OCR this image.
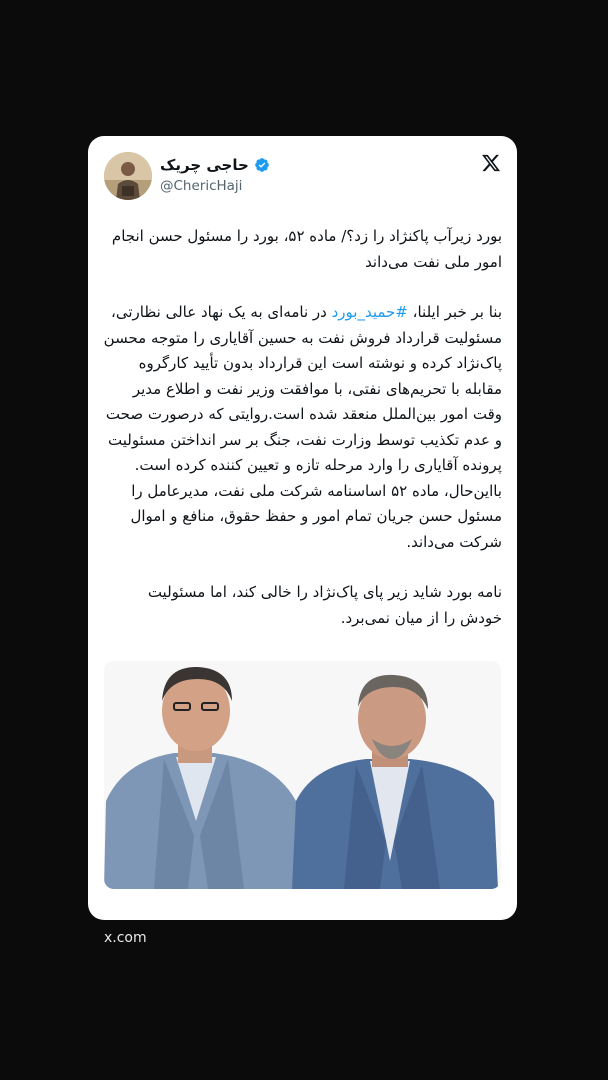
حاجی چریک
@ChericHaji

بورد زیرآب پاکنژاد را زد؟/ ماده ۵۲، بورد را مسئول حسن انجام امور ملی نفت می‌داند

بنا بر خبر ایلنا، #حمید_بورد در نامه‌ای به یک نهاد عالی نظارتی، مسئولیت قرارداد فروش نفت به حسین آقایاری را متوجه محسن پاک‌نژاد کرده و نوشته است این قرارداد بدون تأیید کارگروه مقابله با تحریم‌های نفتی، با موافقت وزیر نفت و اطلاع مدیر وقت امور بین‌الملل منعقد شده است.روایتی که درصورت صحت و عدم تکذیب توسط وزارت نفت، جنگ بر سر انداختن مسئولیت پرونده آقایاری را وارد مرحله تازه و تعیین کننده کرده است.

بااین‌حال، ماده ۵۲ اساسنامه شرکت ملی نفت، مدیرعامل را مسئول حسن جریان تمام امور و حفظ حقوق، منافع و اموال شرکت می‌داند.

نامه بورد شاید زیر پای پاک‌نژاد را خالی کند، اما مسئولیت خودش را از میان نمی‌برد.

x.com
